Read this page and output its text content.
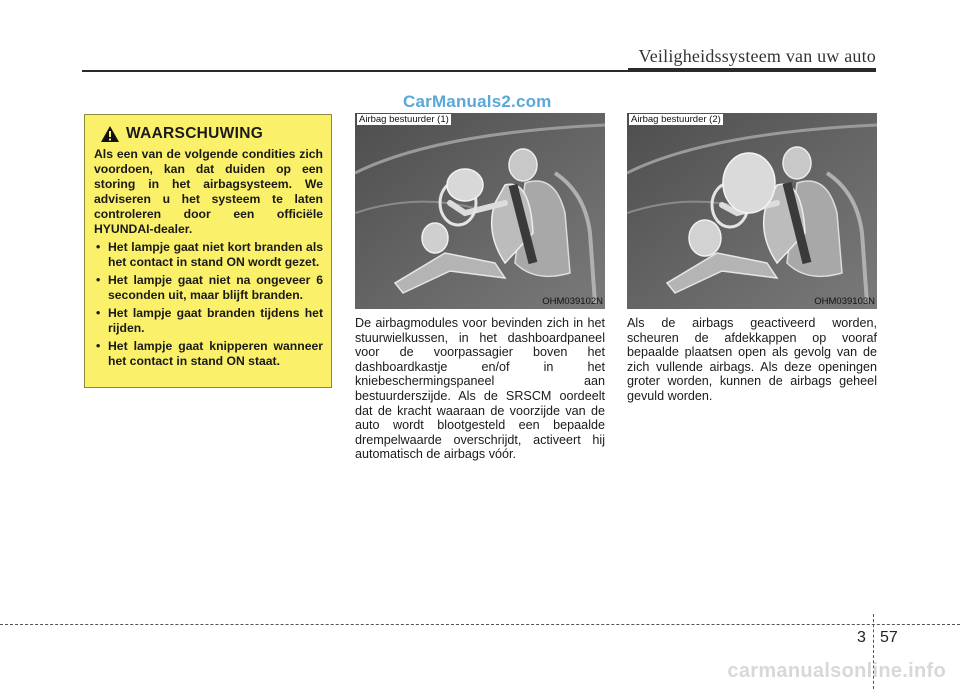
Veiligheidssysteem van uw auto
CarManuals2.com
WAARSCHUWING

Als een van de volgende condities zich voordoen, kan dat duiden op een storing in het airbagsysteem. We adviseren u het systeem te laten controleren door een officiële HYUNDAI-dealer.

• Het lampje gaat niet kort branden als het contact in stand ON wordt gezet.
• Het lampje gaat niet na ongeveer 6 seconden uit, maar blijft branden.
• Het lampje gaat branden tijdens het rijden.
• Het lampje gaat knipperen wanneer het contact in stand ON staat.
Airbag bestuurder (1)
OHM039102N
Airbag bestuurder (2)
OHM039103N

De airbagmodules voor bevinden zich in het stuurwielkussen, in het dashboardpaneel voor de voorpassagier boven het dashboardkastje en/of in het kniebeschermingspaneel aan bestuurderszijde. Als de SRSCM oordeelt dat de kracht waaraan de voorzijde van de auto wordt blootgesteld een bepaalde drempelwaarde overschrijdt, activeert hij automatisch de airbags vóór.

Als de airbags geactiveerd worden, scheuren de afdekkappen op vooraf bepaalde plaatsen open als gevolg van de zich vullende airbags. Als deze openingen groter worden, kunnen de airbags geheel gevuld worden.

3 57
carmanualsonline.info
